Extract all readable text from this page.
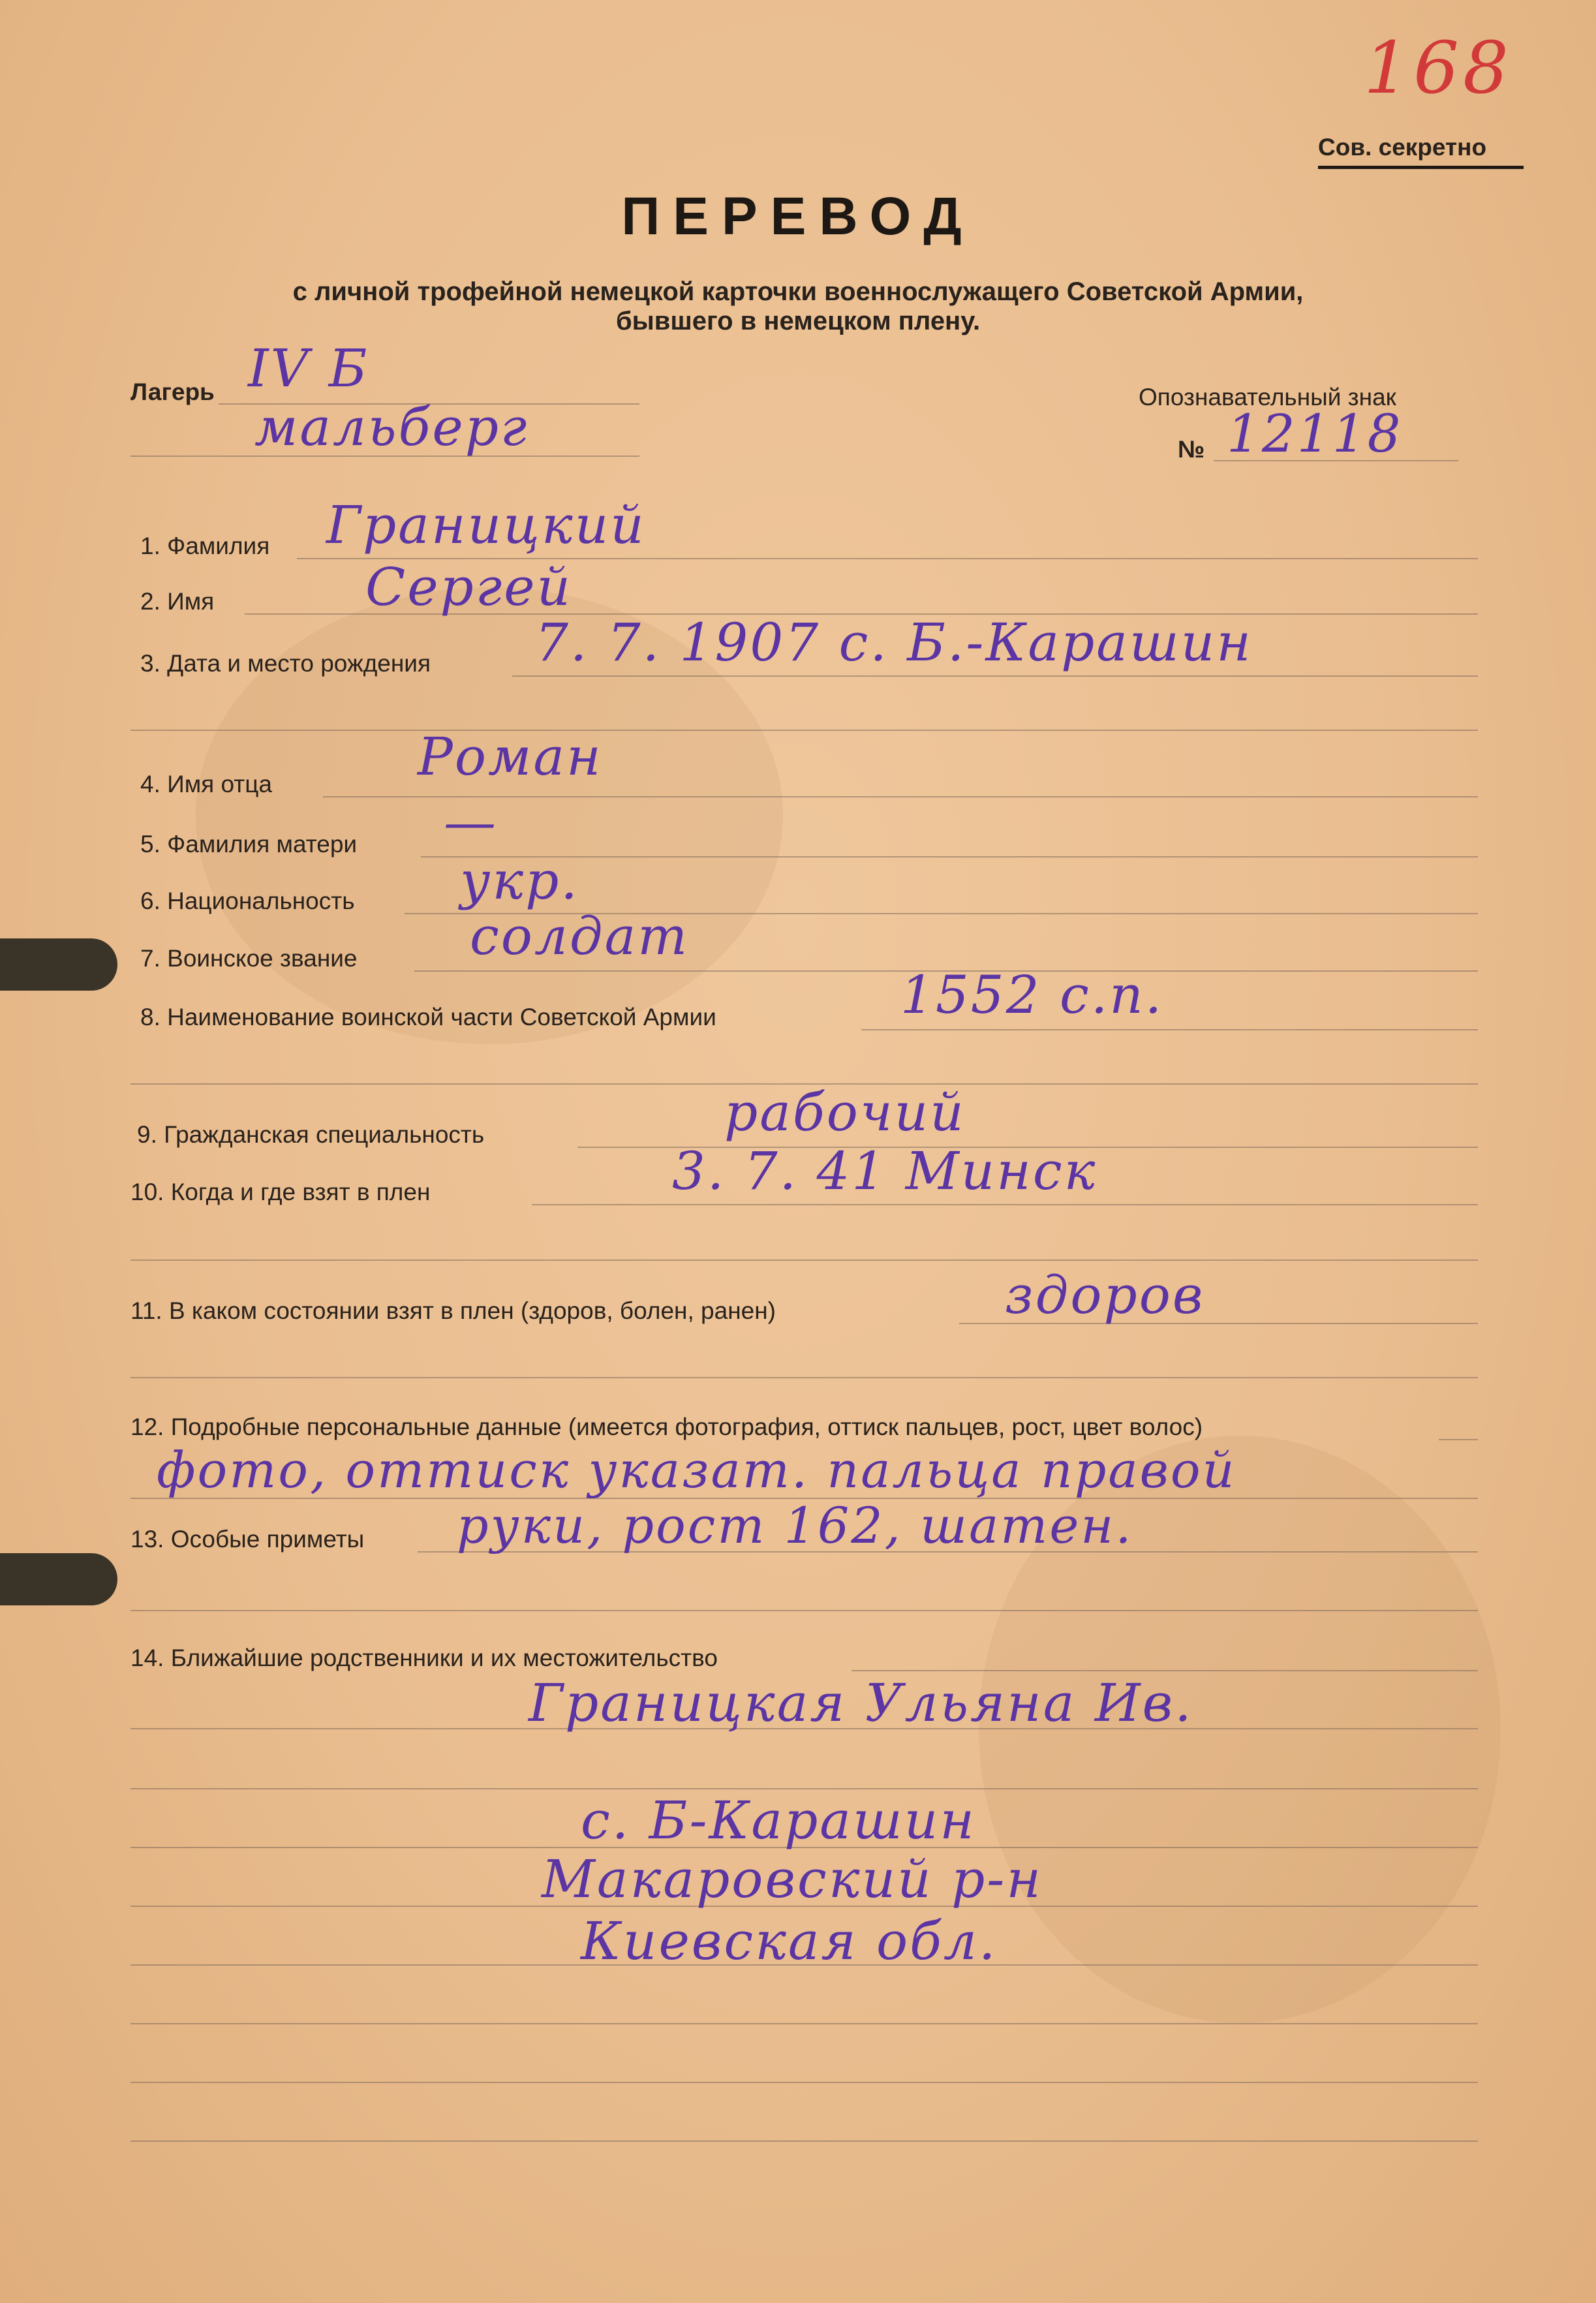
168
Сов. секретно
ПЕРЕВОД
с личной трофейной немецкой карточки военнослужащего Советской Армии,
бывшего в немецком плену.
Лагерь IV Б
мальберг	Опознавательный знак
№ 12118
1. Фамилия Границкий
2. Имя	Сергей
3. Дата и место рождения 7. 7. 1907 с. Б.-Карашин
4. Имя отца	Роман
5. Фамилия матери —
6. Национальность укр.
7. Воинское звание солдат
8. Наименование воинской части Советской Армии	1552 с.п.
9. Гражданская специальность	рабочий
10. Когда и где взят в плен	3. 7. 41 Минск
11. В каком состоянии взят в плен (здоров, болен, ранен)	здоров
12. Подробные персональные данные (имеется фотография, оттиск пальцев, рост, цвет волос)
фото, оттиск указат. пальца правой
13. Особые приметы руки, рост 162, шатен.
14. Ближайшие родственники и их местожительство
Границкая Ульяна Ив.
с. Б-Карашин
Макаровский р-н
Киевская обл.
